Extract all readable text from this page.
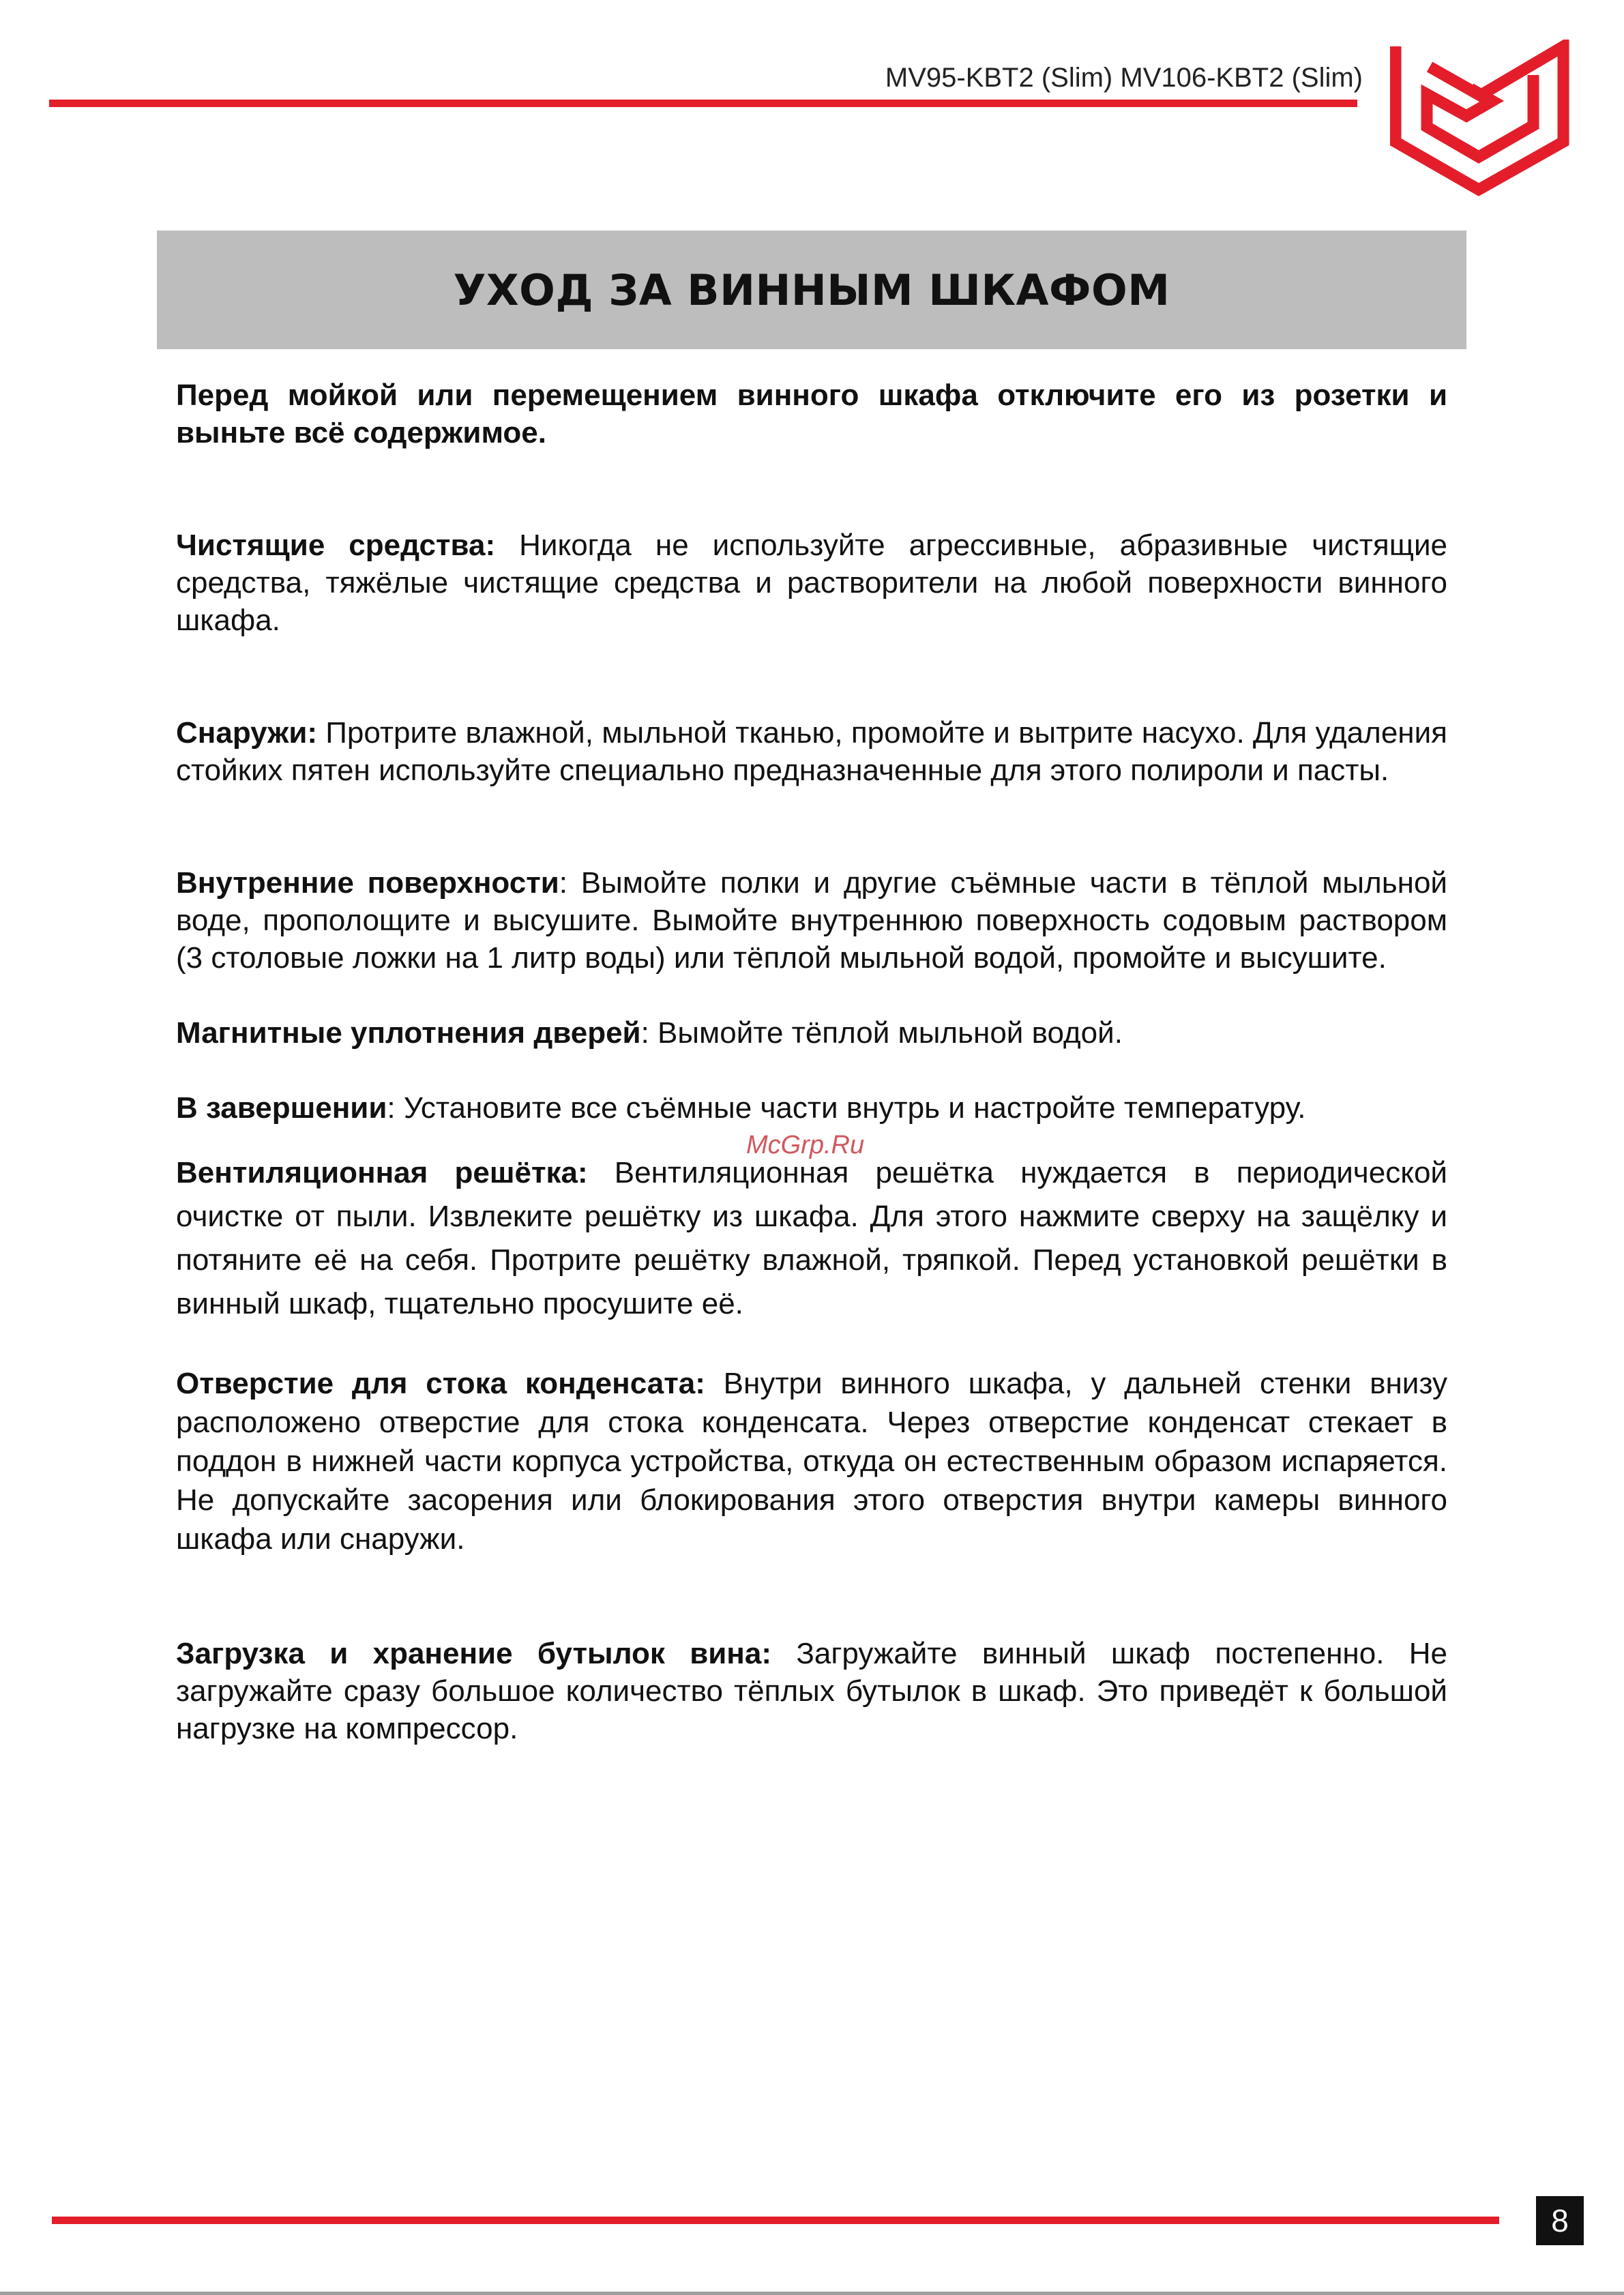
MV95-KBT2 (Slim) MV106-KBT2 (Slim)
УХОД ЗА ВИННЫМ ШКАФОМ
McGrp.Ru

Перед мойкой или перемещением винного шкафа отключите его из розетки и выньте всё содержимое.

Чистящие средства: Никогда не используйте агрессивные, абразивные чистящие средства, тяжёлые чистящие средства и растворители на любой поверхности винного шкафа.

Снаружи: Протрите влажной, мыльной тканью, промойте и вытрите насухо. Для удаления стойких пятен используйте специально предназначенные для этого полироли и пасты.

Внутренние поверхности: Вымойте полки и другие съёмные части в тёплой мыльной воде, прополощите и высушите. Вымойте внутреннюю поверхность содовым раствором (3 столовые ложки на 1 литр воды) или тёплой мыльной водой, промойте и высушите.

Магнитные уплотнения дверей: Вымойте тёплой мыльной водой.

В завершении: Установите все съёмные части внутрь и настройте температуру.

Вентиляционная решётка: Вентиляционная решётка нуждается в периодической очистке от пыли. Извлеките решётку из шкафа. Для этого нажмите сверху на защёлку и потяните её на себя. Протрите решётку влажной, тряпкой. Перед установкой решётки в винный шкаф, тщательно просушите её.

Отверстие для стока конденсата: Внутри винного шкафа, у дальней стенки внизу расположено отверстие для стока конденсата. Через отверстие конденсат стекает в поддон в нижней части корпуса устройства, откуда он естественным образом испаряется. Не допускайте засорения или блокирования этого отверстия внутри камеры винного шкафа или снаружи.

Загрузка и хранение бутылок вина: Загружайте винный шкаф постепенно. Не загружайте сразу большое количество тёплых бутылок в шкаф. Это приведёт к большой нагрузке на компрессор.

8
